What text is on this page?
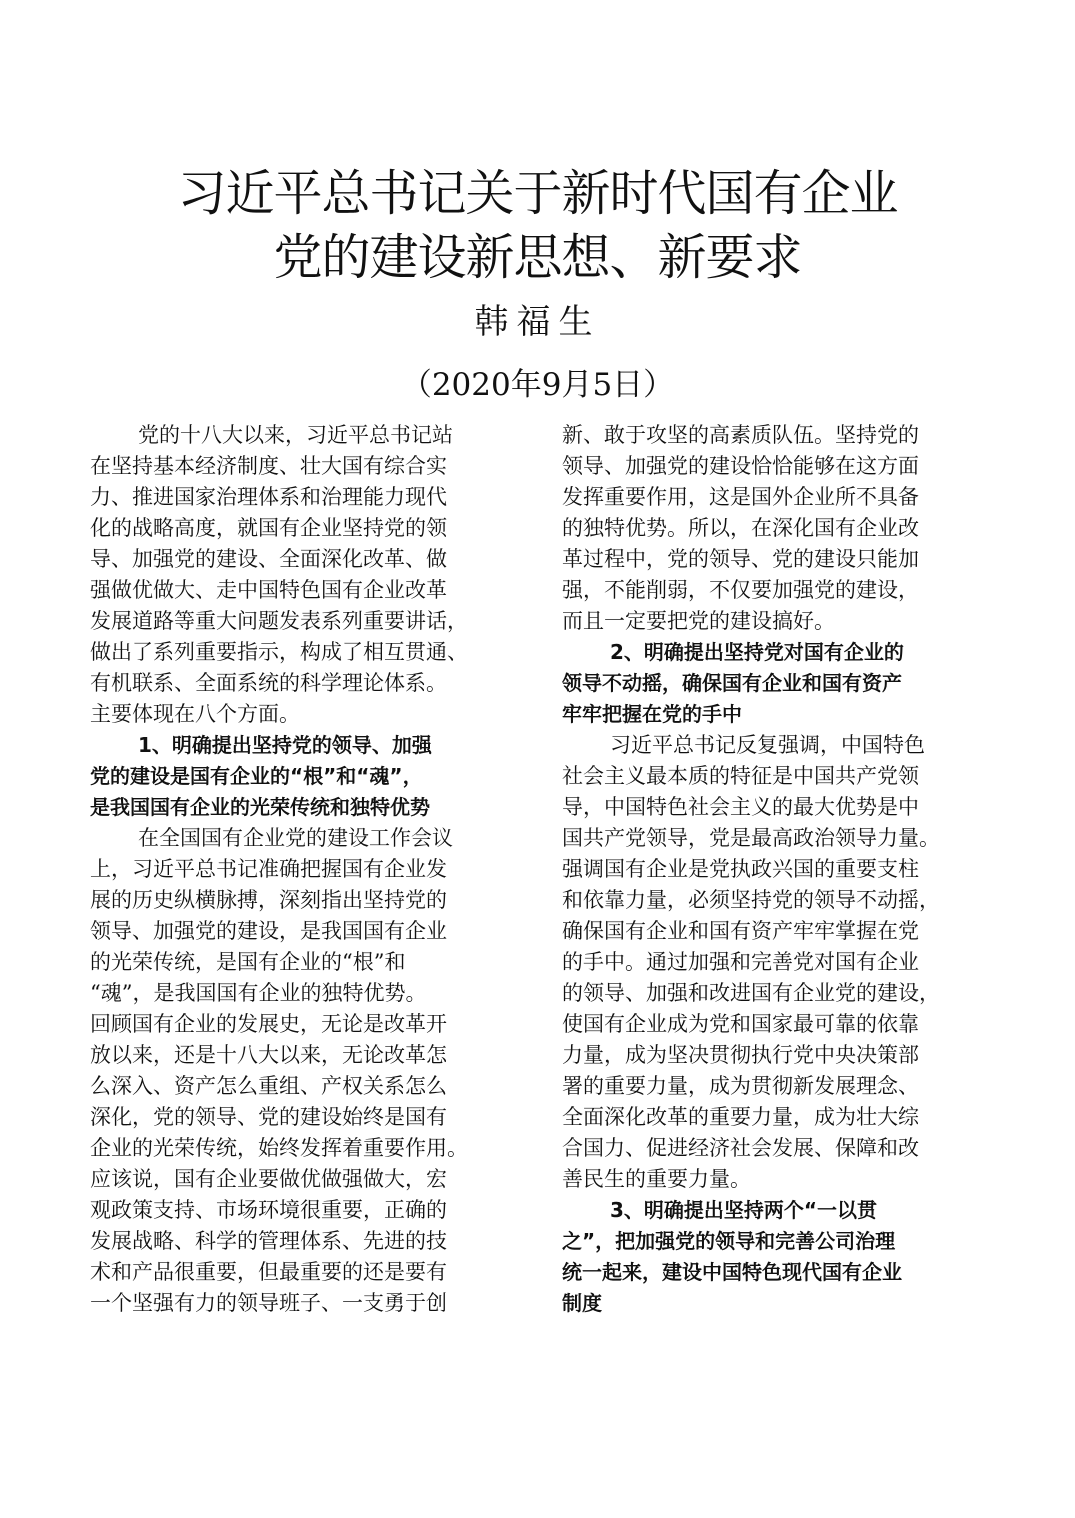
习近平总书记关于新时代国有企业
党的建设新思想、新要求
韩福生
（2020年9月5日）
党的十八大以来，习近平总书记站
在坚持基本经济制度、壮大国有综合实
力、推进国家治理体系和治理能力现代
化的战略高度，就国有企业坚持党的领
导、加强党的建设、全面深化改革、做
强做优做大、走中国特色国有企业改革
发展道路等重大问题发表系列重要讲话，
做出了系列重要指示，构成了相互贯通、
有机联系、全面系统的科学理论体系。
主要体现在八个方面。
1、明确提出坚持党的领导、加强
党的建设是国有企业的“根”和“魂”，
是我国国有企业的光荣传统和独特优势
在全国国有企业党的建设工作会议
上，习近平总书记准确把握国有企业发
展的历史纵横脉搏，深刻指出坚持党的
领导、加强党的建设，是我国国有企业
的光荣传统，是国有企业的“根”和
“魂”，是我国国有企业的独特优势。
回顾国有企业的发展史，无论是改革开
放以来，还是十八大以来，无论改革怎
么深入、资产怎么重组、产权关系怎么
深化，党的领导、党的建设始终是国有
企业的光荣传统，始终发挥着重要作用。
应该说，国有企业要做优做强做大，宏
观政策支持、市场环境很重要，正确的
发展战略、科学的管理体系、先进的技
术和产品很重要，但最重要的还是要有
一个坚强有力的领导班子、一支勇于创
新、敢于攻坚的高素质队伍。坚持党的
领导、加强党的建设恰恰能够在这方面
发挥重要作用，这是国外企业所不具备
的独特优势。所以，在深化国有企业改
革过程中，党的领导、党的建设只能加
强，不能削弱，不仅要加强党的建设，
而且一定要把党的建设搞好。
2、明确提出坚持党对国有企业的
领导不动摇，确保国有企业和国有资产
牢牢把握在党的手中
习近平总书记反复强调，中国特色
社会主义最本质的特征是中国共产党领
导，中国特色社会主义的最大优势是中
国共产党领导，党是最高政治领导力量。
强调国有企业是党执政兴国的重要支柱
和依靠力量，必须坚持党的领导不动摇，
确保国有企业和国有资产牢牢掌握在党
的手中。通过加强和完善党对国有企业
的领导、加强和改进国有企业党的建设，
使国有企业成为党和国家最可靠的依靠
力量，成为坚决贯彻执行党中央决策部
署的重要力量，成为贯彻新发展理念、
全面深化改革的重要力量，成为壮大综
合国力、促进经济社会发展、保障和改
善民生的重要力量。
3、明确提出坚持两个“一以贯
之”，把加强党的领导和完善公司治理
统一起来，建设中国特色现代国有企业
制度
